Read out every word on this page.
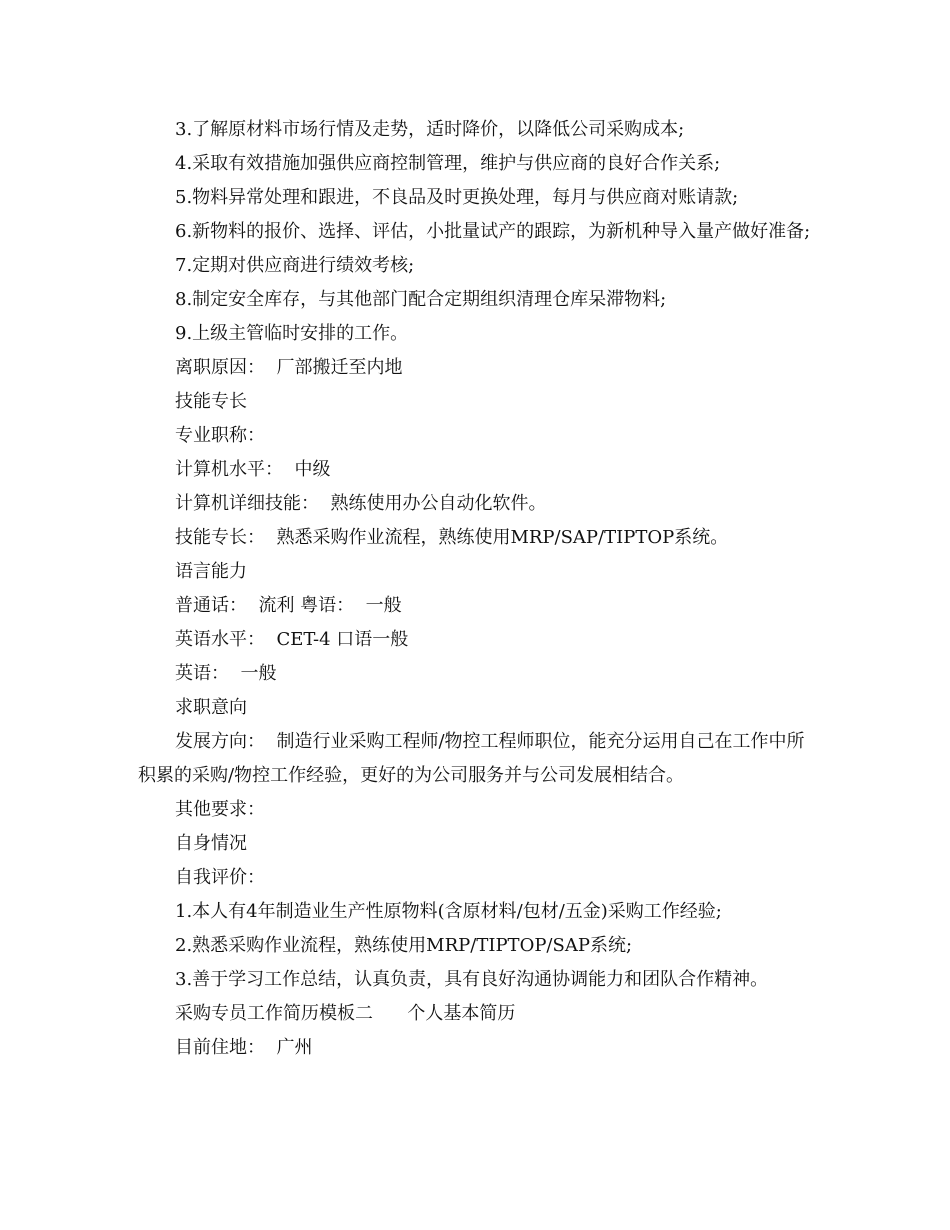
3.了解原材料市场行情及走势，适时降价，以降低公司采购成本;

4.采取有效措施加强供应商控制管理，维护与供应商的良好合作关系;

5.物料异常处理和跟进，不良品及时更换处理，每月与供应商对账请款;

6.新物料的报价、选择、评估，小批量试产的跟踪，为新机种导入量产做好准备;

7.定期对供应商进行绩效考核;

8.制定安全库存，与其他部门配合定期组织清理仓库呆滞物料;

9.上级主管临时安排的工作。

离职原因：  厂部搬迁至内地

技能专长

专业职称：

计算机水平：  中级

计算机详细技能：  熟练使用办公自动化软件。

技能专长：  熟悉采购作业流程，熟练使用MRP/SAP/TIPTOP系统。

语言能力

普通话：  流利 粤语：  一般

英语水平：  CET-4 口语一般

英语：  一般

求职意向

发展方向：  制造行业采购工程师/物控工程师职位，能充分运用自己在工作中所积累的采购/物控工作经验，更好的为公司服务并与公司发展相结合。

其他要求：

自身情况

自我评价：

1.本人有4年制造业生产性原物料(含原材料/包材/五金)采购工作经验;

2.熟悉采购作业流程，熟练使用MRP/TIPTOP/SAP系统;

3.善于学习工作总结，认真负责，具有良好沟通协调能力和团队合作精神。

采购专员工作简历模板二      个人基本简历

目前住地：  广州
